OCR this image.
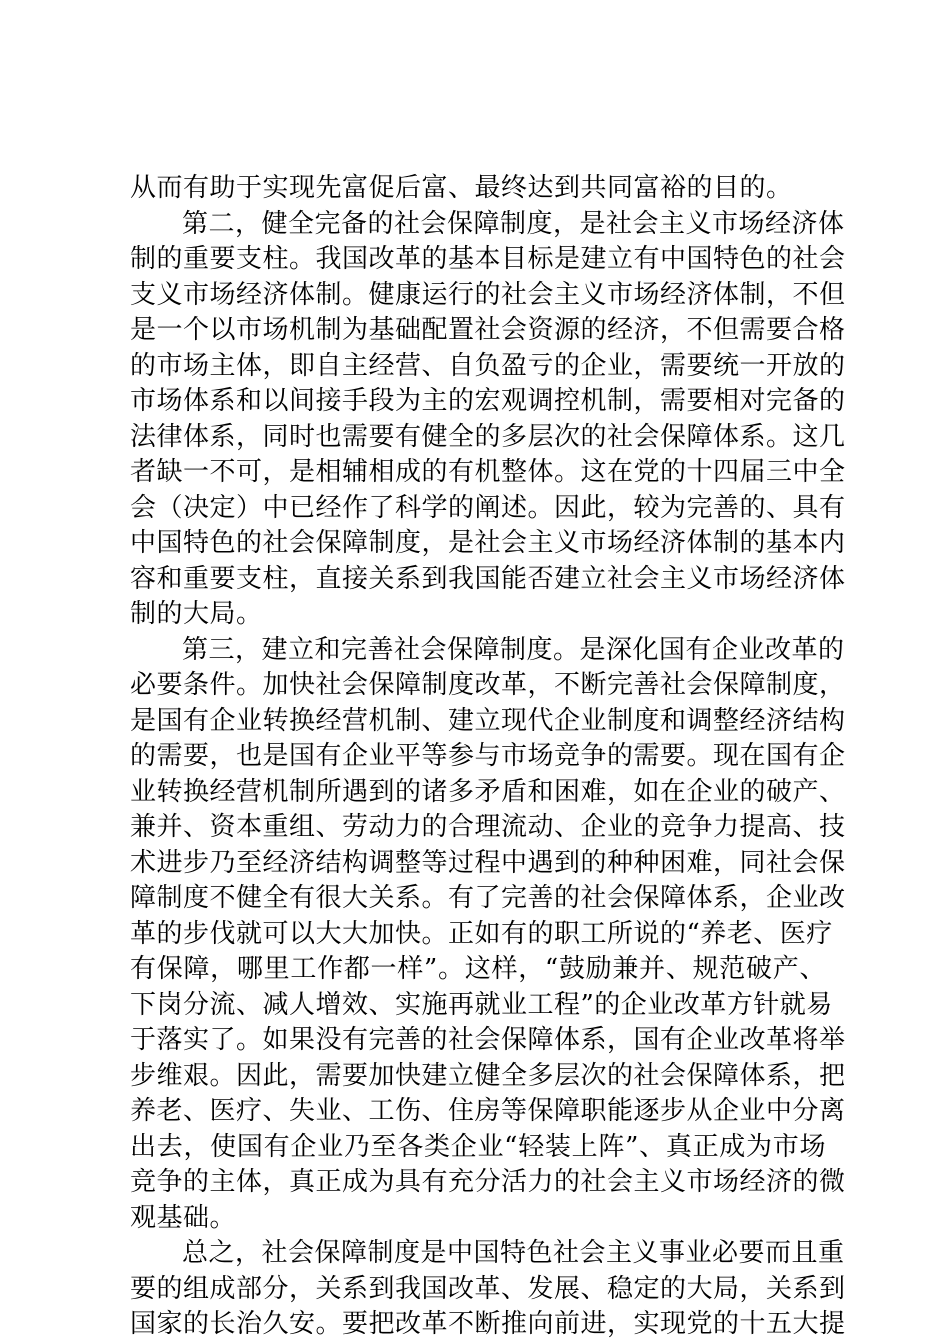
从而有助于实现先富促后富、最终达到共同富裕的目的。
第二，健全完备的社会保障制度，是社会主义市场经济体
制的重要支柱。我国改革的基本目标是建立有中国特色的社会
支义市场经济体制。健康运行的社会主义市场经济体制，不但
是一个以市场机制为基础配置社会资源的经济，不但需要合格
的市场主体，即自主经营、自负盈亏的企业，需要统一开放的
市场体系和以间接手段为主的宏观调控机制，需要相对完备的
法律体系，同时也需要有健全的多层次的社会保障体系。这几
者缺一不可，是相辅相成的有机整体。这在党的十四届三中全
会（决定）中已经作了科学的阐述。因此，较为完善的、具有
中国特色的社会保障制度，是社会主义市场经济体制的基本内
容和重要支柱，直接关系到我国能否建立社会主义市场经济体
制的大局。
第三，建立和完善社会保障制度。是深化国有企业改革的
必要条件。加快社会保障制度改革，不断完善社会保障制度，
是国有企业转换经营机制、建立现代企业制度和调整经济结构
的需要，也是国有企业平等参与市场竞争的需要。现在国有企
业转换经营机制所遇到的诸多矛盾和困难，如在企业的破产、
兼并、资本重组、劳动力的合理流动、企业的竞争力提高、技
术进步乃至经济结构调整等过程中遇到的种种困难，同社会保
障制度不健全有很大关系。有了完善的社会保障体系，企业改
革的步伐就可以大大加快。正如有的职工所说的“养老、医疗
有保障，哪里工作都一样”。这样，“鼓励兼并、规范破产、
下岗分流、减人增效、实施再就业工程”的企业改革方针就易
于落实了。如果没有完善的社会保障体系，国有企业改革将举
步维艰。因此，需要加快建立健全多层次的社会保障体系，把
养老、医疗、失业、工伤、住房等保障职能逐步从企业中分离
出去，使国有企业乃至各类企业“轻装上阵”、真正成为市场
竞争的主体，真正成为具有充分活力的社会主义市场经济的微
观基础。
总之，社会保障制度是中国特色社会主义事业必要而且重
要的组成部分，关系到我国改革、发展、稳定的大局，关系到
国家的长治久安。要把改革不断推向前进，实现党的十五大提
